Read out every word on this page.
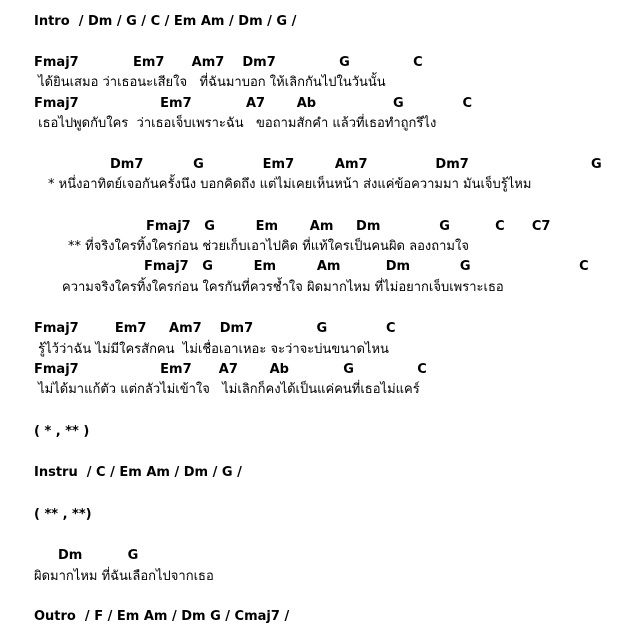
Intro  / Dm / G / C / Em Am / Dm / G /
Fmaj7            Em7      Am7    Dm7              G              C
ได้ยินเสมอ ว่าเธอนะเสียใจ   ที่ฉันมาบอก ให้เลิกกันไปในวันนั้น
Fmaj7                  Em7            A7       Ab                 G             C
เธอไปพูดกับใคร  ว่าเธอเจ็บเพราะฉัน   ขอถามสักคำ แล้วที่เธอทำถูกรึไง
Dm7           G             Em7         Am7               Dm7                           G
* หนึ่งอาทิตย์เจอกันครั้งนึง บอกคิดถึง แต่ไม่เคยเห็นหน้า ส่งแค่ข้อความมา มันเจ็บรู้ไหม
Fmaj7   G         Em       Am     Dm             G          C      C7
** ที่จริงใครทิ้งใครก่อน ช่วยเก็บเอาไปคิด ที่แท้ใครเป็นคนผิด ลองถามใจ
Fmaj7   G         Em         Am          Dm           G                        C
ความจริงใครทิ้งใครก่อน ใครกันที่ควรช้ำใจ ผิดมากไหม ที่ไม่อยากเจ็บเพราะเธอ
Fmaj7        Em7     Am7    Dm7              G             C
รู้ไว้ว่าฉัน ไม่มีใครสักคน  ไม่เชื่อเอาเหอะ จะว่าจะบ่นขนาดไหน
Fmaj7                  Em7      A7       Ab            G              C
ไม่ได้มาแก้ตัว แต่กลัวไม่เข้าใจ   ไม่เลิกก็คงได้เป็นแค่คนที่เธอไม่แคร์
( * , ** )
Instru  / C / Em Am / Dm / G /
( ** , **)
Dm          G
ผิดมากไหม ที่ฉันเลือกไปจากเธอ
Outro  / F / Em Am / Dm G / Cmaj7 /
